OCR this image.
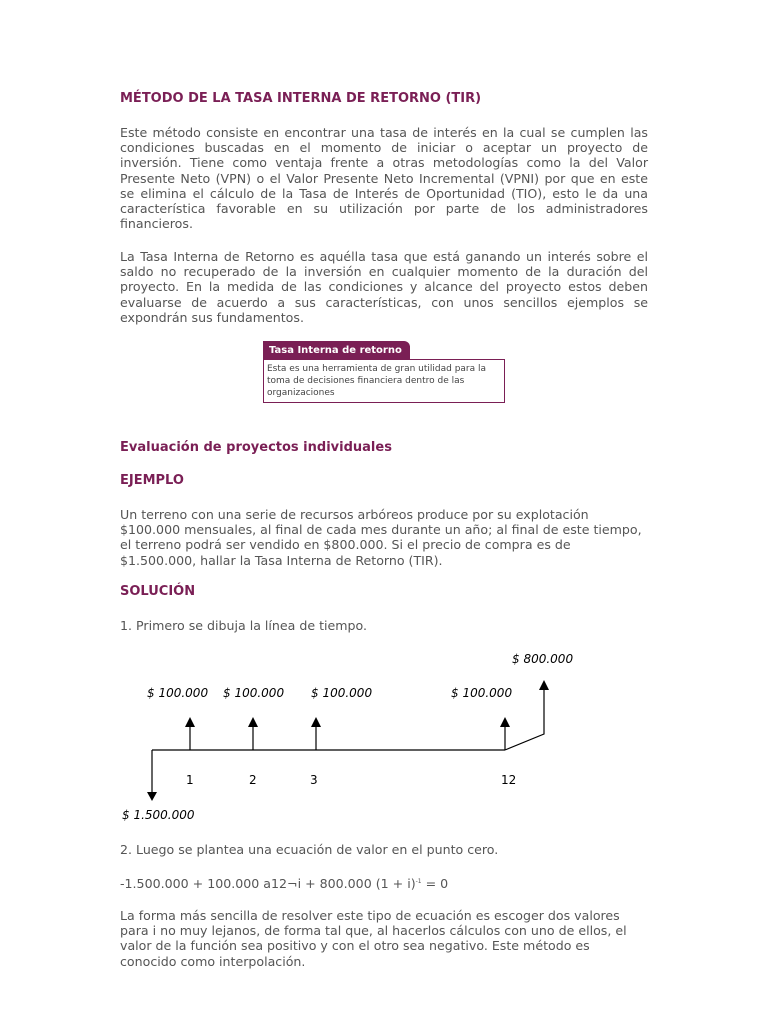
MÉTODO DE LA TASA INTERNA DE RETORNO (TIR)
Este método consiste en encontrar una tasa de interés en la cual se cumplen las condiciones buscadas en el momento de iniciar o aceptar un proyecto de inversión. Tiene como ventaja frente a otras metodologías como la del Valor Presente Neto (VPN) o el Valor Presente Neto Incremental (VPNI) por que en este se elimina el cálculo de la Tasa de Interés de Oportunidad (TIO), esto le da una característica favorable en su utilización por parte de los administradores financieros.
La Tasa Interna de Retorno es aquélla tasa que está ganando un interés sobre el saldo no recuperado de la inversión en cualquier momento de la duración del proyecto. En la medida de las condiciones y alcance del proyecto estos deben evaluarse de acuerdo a sus características, con unos sencillos ejemplos se expondrán sus fundamentos.
Esta es una herramienta de gran utilidad para la toma de decisiones financiera dentro de las organizaciones
Tasa Interna de retorno
Evaluación de proyectos individuales
EJEMPLO
Un terreno con una serie de recursos arbóreos produce por su explotación $100.000 mensuales, al final de cada mes durante un año; al final de este tiempo, el terreno podrá ser vendido en $800.000. Si el precio de compra es de $1.500.000, hallar la Tasa Interna de Retorno (TIR).
SOLUCIÓN
1. Primero se dibuja la línea de tiempo.
$ 800.000
$ 100.000 $ 100.000 $ 100.000	$ 100.000
1	2	3	12
$ 1.500.000
2. Luego se plantea una ecuación de valor en el punto cero.
-1.500.000 + 100.000 a12¬i + 800.000 $(1 + i)^{-1} = 0$
La forma más sencilla de resolver este tipo de ecuación es escoger dos valores para i no muy lejanos, de forma tal que, al hacerlos cálculos con uno de ellos, el valor de la función sea positivo y con el otro sea negativo. Este método es conocido como interpolación.
